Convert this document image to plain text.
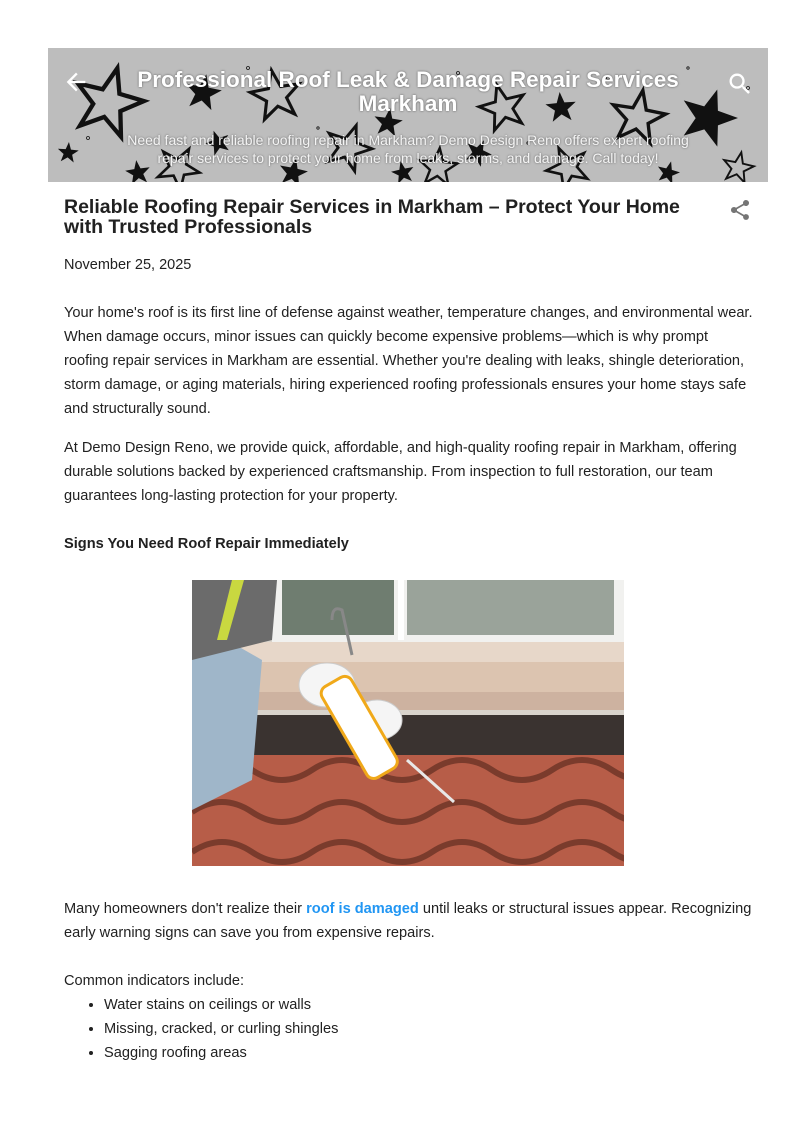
Professional Roof Leak & Damage Repair Services Markham
Need fast and reliable roofing repair in Markham? Demo Design Reno offers expert roofing repair services to protect your home from leaks, storms, and damage. Call today!
Reliable Roofing Repair Services in Markham – Protect Your Home with Trusted Professionals
November 25, 2025

Your home's roof is its first line of defense against weather, temperature changes, and environmental wear. When damage occurs, minor issues can quickly become expensive problems—which is why prompt roofing repair services in Markham are essential. Whether you're dealing with leaks, shingle deterioration, storm damage, or aging materials, hiring experienced roofing professionals ensures your home stays safe and structurally sound.

At Demo Design Reno, we provide quick, affordable, and high-quality roofing repair in Markham, offering durable solutions backed by experienced craftsmanship. From inspection to full restoration, our team guarantees long-lasting protection for your property.

Signs You Need Roof Repair Immediately

Many homeowners don't realize their roof is damaged until leaks or structural issues appear. Recognizing early warning signs can save you from expensive repairs.

Common indicators include:
• Water stains on ceilings or walls
• Missing, cracked, or curling shingles
• Sagging roofing areas
